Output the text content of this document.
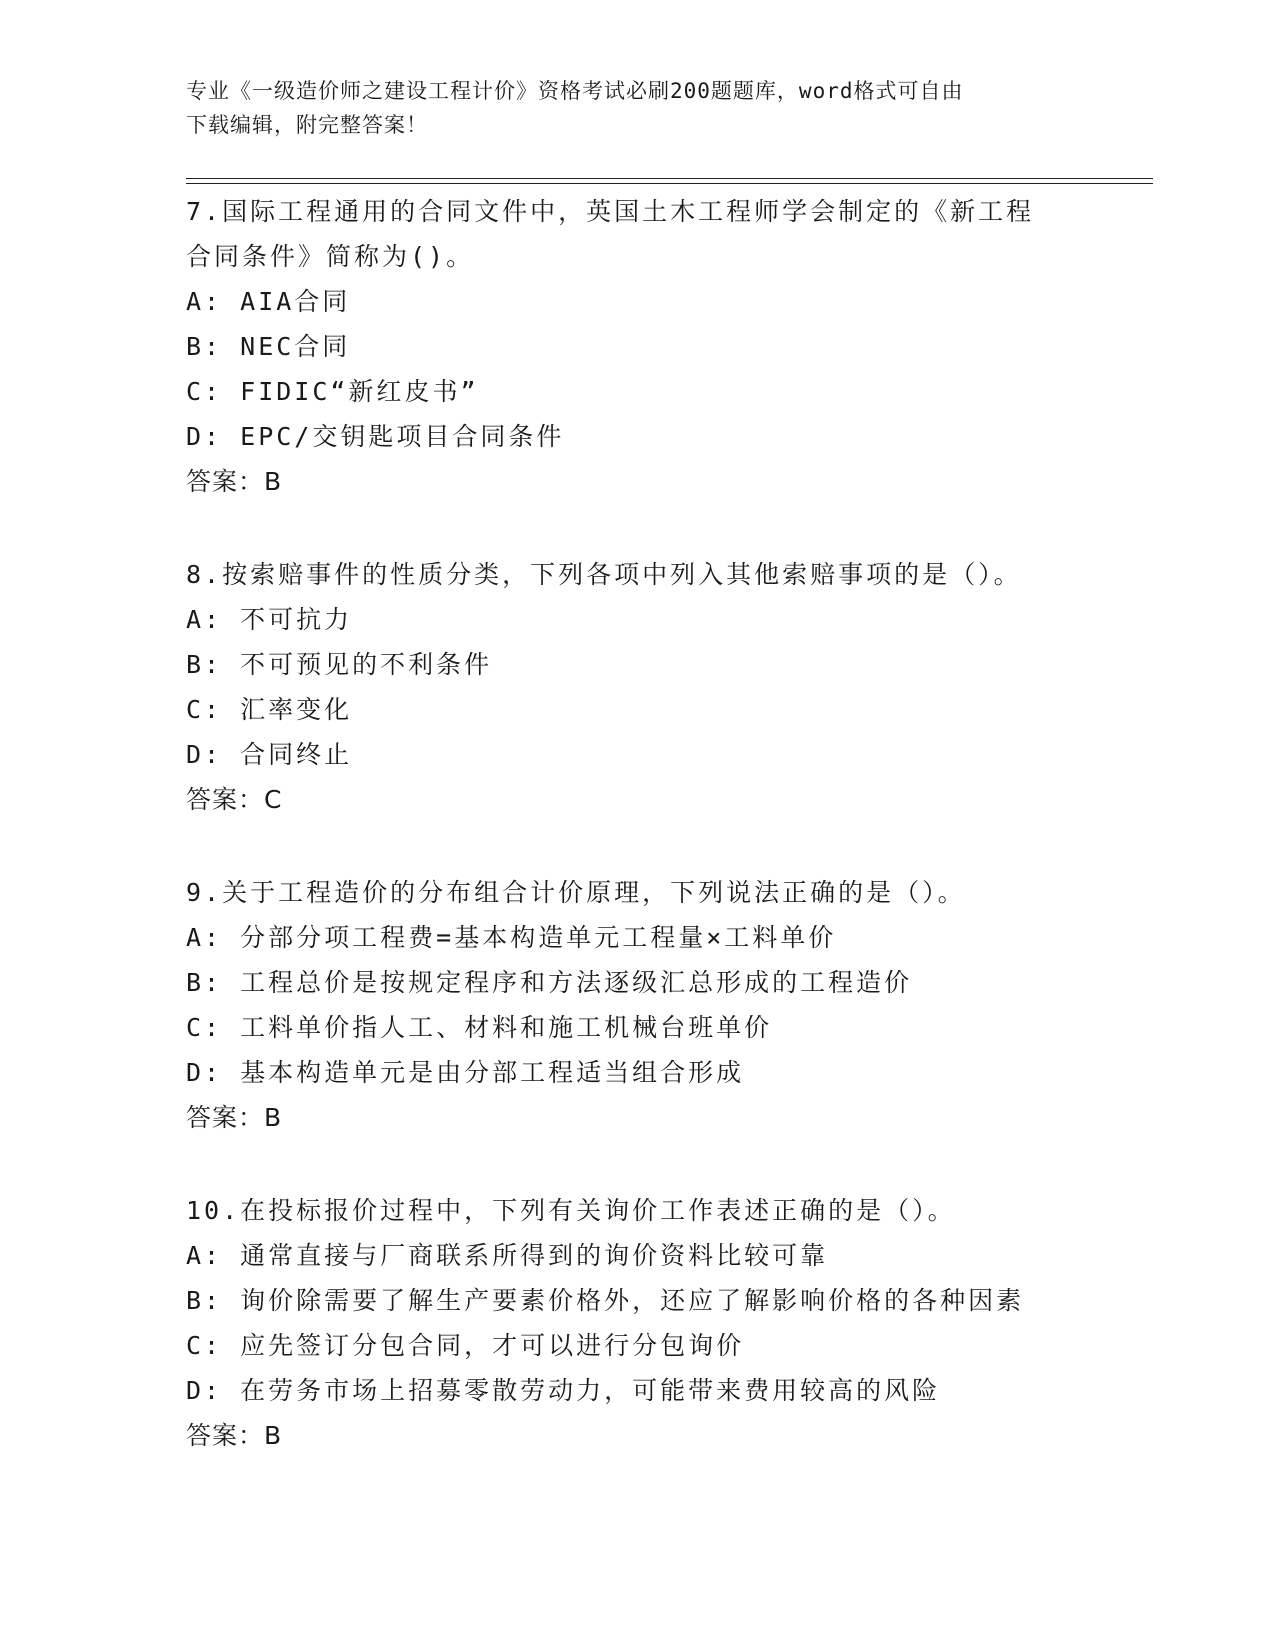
专业《一级造价师之建设工程计价》资格考试必刷200题题库，word格式可自由
下载编辑，附完整答案！

7.国际工程通用的合同文件中，英国土木工程师学会制定的《新工程

合同条件》简称为()。

A: AIA合同

B: NEC合同

C: FIDIC“新红皮书”

D: EPC/交钥匙项目合同条件

答案：B

8.按索赔事件的性质分类，下列各项中列入其他索赔事项的是（）。

A: 不可抗力

B: 不可预见的不利条件

C: 汇率变化

D: 合同终止

答案：C

9.关于工程造价的分布组合计价原理，下列说法正确的是（）。

A: 分部分项工程费=基本构造单元工程量×工料单价

B: 工程总价是按规定程序和方法逐级汇总形成的工程造价

C: 工料单价指人工、材料和施工机械台班单价

D: 基本构造单元是由分部工程适当组合形成

答案：B

10.在投标报价过程中，下列有关询价工作表述正确的是（）。

A: 通常直接与厂商联系所得到的询价资料比较可靠

B: 询价除需要了解生产要素价格外，还应了解影响价格的各种因素

C: 应先签订分包合同，才可以进行分包询价

D: 在劳务市场上招募零散劳动力，可能带来费用较高的风险

答案：B
